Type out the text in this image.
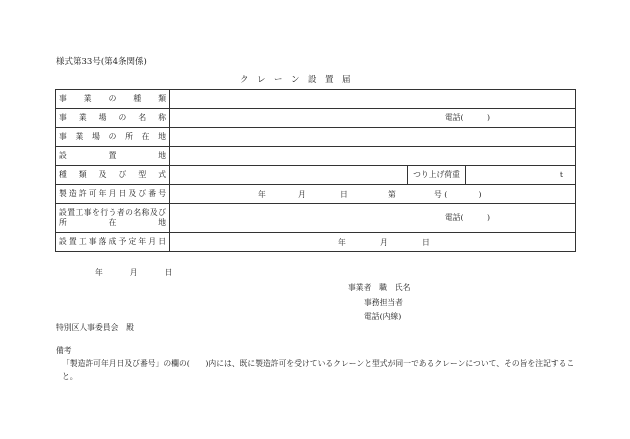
様式第33号(第4条関係)
ク　レ　ー　ン　設　置　届
事業の種類			
事業場の名称	電話(　　　)		
事業場の所在地			
設置地			
種類及び型式		つり上げ荷重	t
製造許可年月日及び番号	年 月 日 第 号 (　　　　)		

設置工事を行う者の名称及び
所　　　在　　　地	電話(　　　)		
設置工事落成予定年月日	年 月 日		
年	月	日
事業者　職　氏名
事務担当者
電話(内線)
特別区人事委員会　殿
備考
「製造許可年月日及び番号」の欄の(　　)内には、既に製造許可を受けているクレーンと型式が同一であるクレーンについて、その旨を注記すること。
